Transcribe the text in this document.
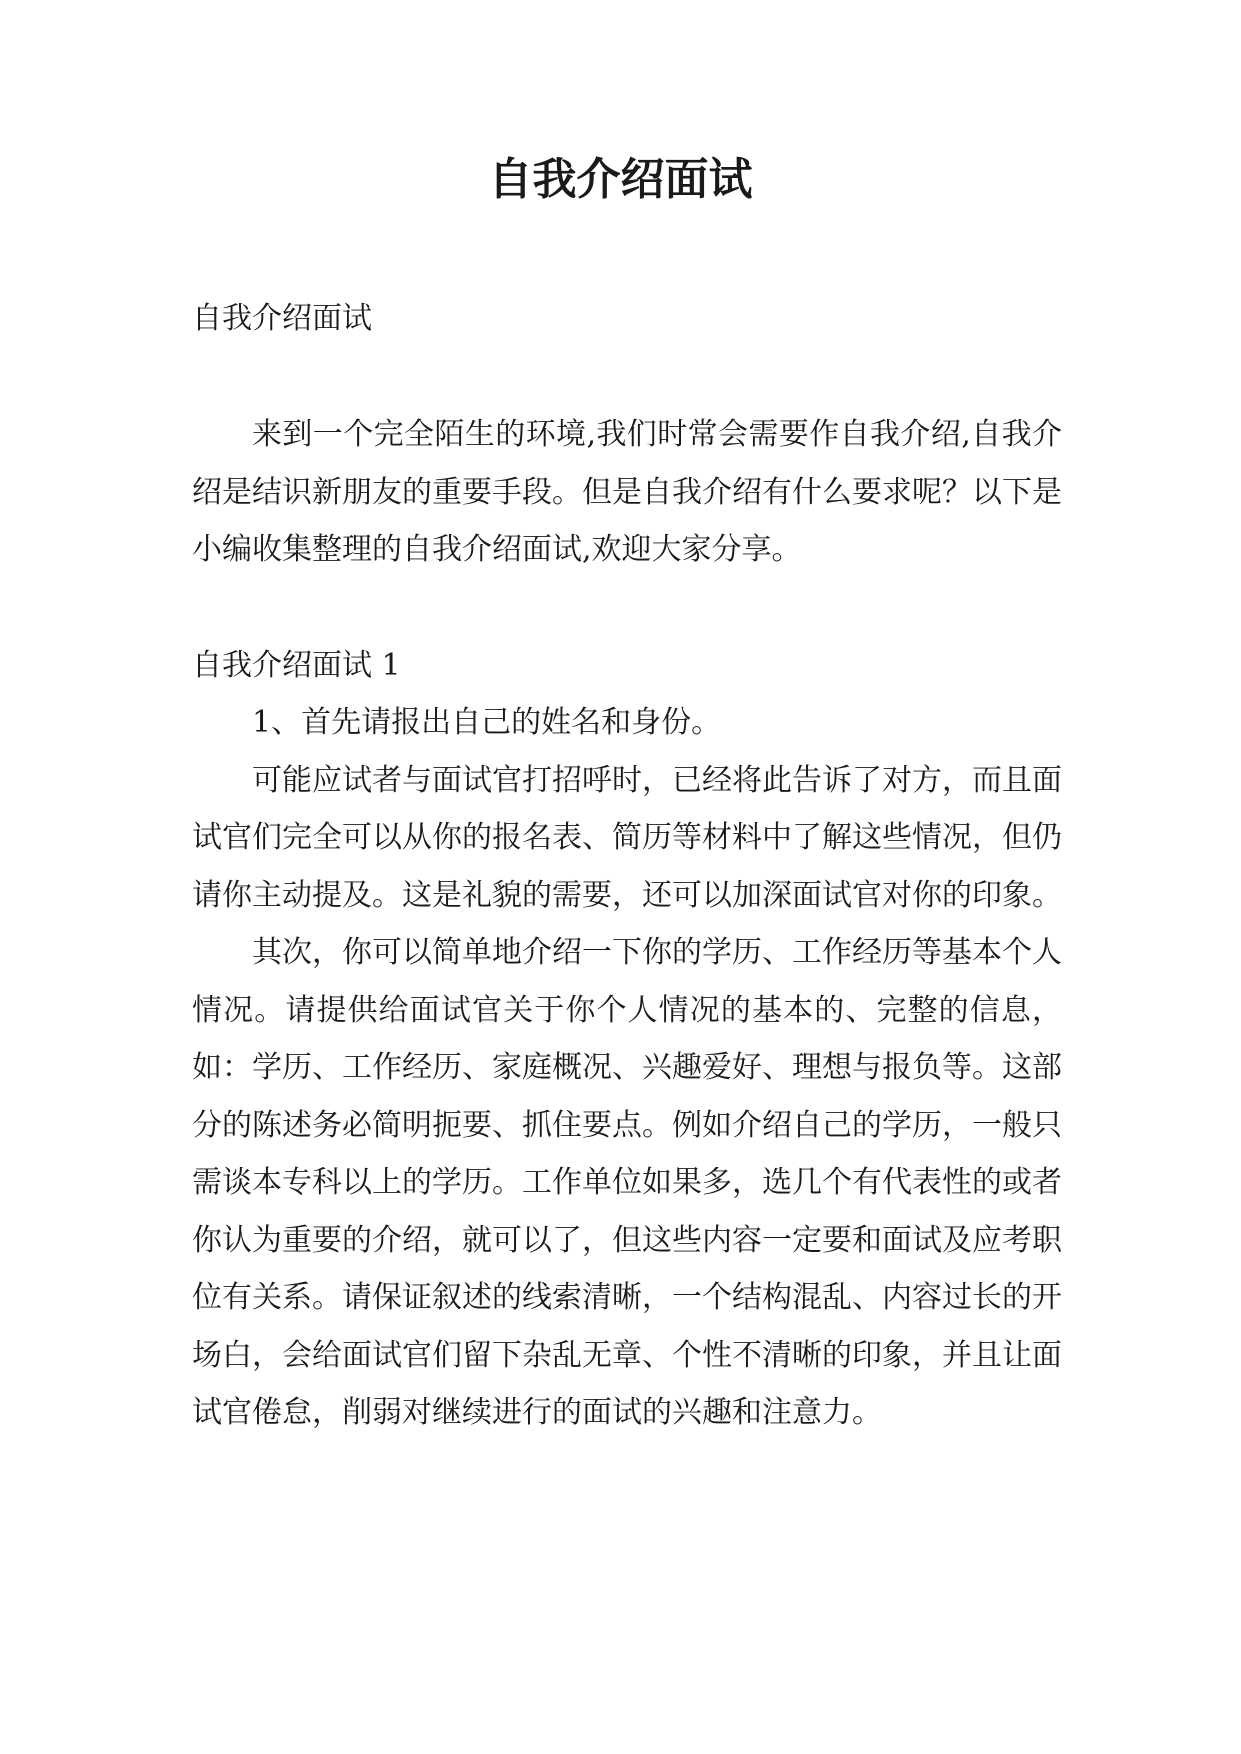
自我介绍面试

自我介绍面试

来到一个完全陌生的环境,我们时常会需要作自我介绍,自我介绍是结识新朋友的重要手段。但是自我介绍有什么要求呢？以下是小编收集整理的自我介绍面试,欢迎大家分享。

自我介绍面试 1

1、首先请报出自己的姓名和身份。

可能应试者与面试官打招呼时，已经将此告诉了对方，而且面试官们完全可以从你的报名表、简历等材料中了解这些情况，但仍请你主动提及。这是礼貌的需要，还可以加深面试官对你的印象。

其次，你可以简单地介绍一下你的学历、工作经历等基本个人情况。请提供给面试官关于你个人情况的基本的、完整的信息，如：学历、工作经历、家庭概况、兴趣爱好、理想与报负等。这部分的陈述务必简明扼要、抓住要点。例如介绍自己的学历，一般只需谈本专科以上的学历。工作单位如果多，选几个有代表性的或者你认为重要的介绍，就可以了，但这些内容一定要和面试及应考职位有关系。请保证叙述的线索清晰，一个结构混乱、内容过长的开场白，会给面试官们留下杂乱无章、个性不清晰的印象，并且让面试官倦怠，削弱对继续进行的面试的兴趣和注意力。
